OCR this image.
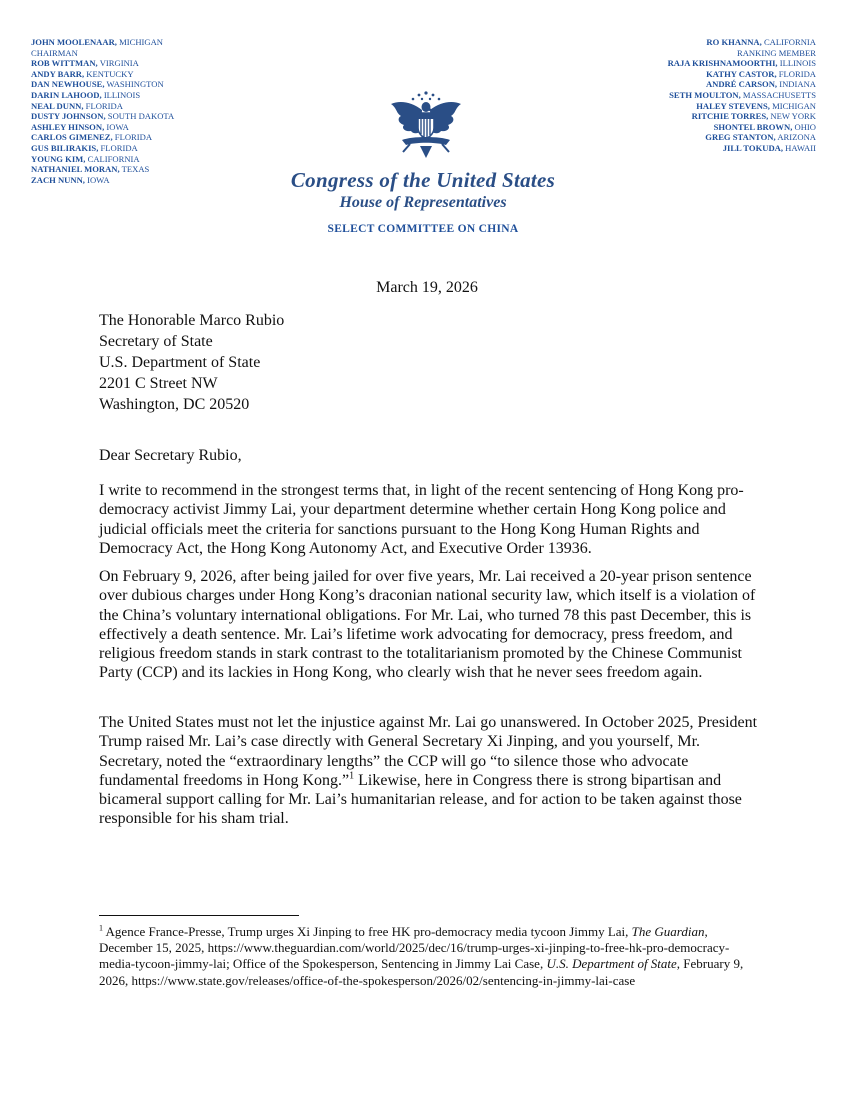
JOHN MOOLENAAR, MICHIGAN
CHAIRMAN
ROB WITTMAN, VIRGINIA
ANDY BARR, KENTUCKY
DAN NEWHOUSE, WASHINGTON
DARIN LAHOOD, ILLINOIS
NEAL DUNN, FLORIDA
DUSTY JOHNSON, SOUTH DAKOTA
ASHLEY HINSON, IOWA
CARLOS GIMENEZ, FLORIDA
GUS BILIRAKIS, FLORIDA
YOUNG KIM, CALIFORNIA
NATHANIEL MORAN, TEXAS
ZACH NUNN, IOWA
RO KHANNA, CALIFORNIA
RANKING MEMBER
RAJA KRISHNAMOORTHI, ILLINOIS
KATHY CASTOR, FLORIDA
ANDRÉ CARSON, INDIANA
SETH MOULTON, MASSACHUSETTS
HALEY STEVENS, MICHIGAN
RITCHIE TORRES, NEW YORK
SHONTEL BROWN, OHIO
GREG STANTON, ARIZONA
JILL TOKUDA, HAWAII
Congress of the United States
House of Representatives
SELECT COMMITTEE ON CHINA
March 19, 2026
The Honorable Marco Rubio
Secretary of State
U.S. Department of State
2201 C Street NW
Washington, DC 20520
Dear Secretary Rubio,

I write to recommend in the strongest terms that, in light of the recent sentencing of Hong Kong pro-democracy activist Jimmy Lai, your department determine whether certain Hong Kong police and judicial officials meet the criteria for sanctions pursuant to the Hong Kong Human Rights and Democracy Act, the Hong Kong Autonomy Act, and Executive Order 13936.

On February 9, 2026, after being jailed for over five years, Mr. Lai received a 20-year prison sentence over dubious charges under Hong Kong’s draconian national security law, which itself is a violation of the China’s voluntary international obligations. For Mr. Lai, who turned 78 this past December, this is effectively a death sentence. Mr. Lai’s lifetime work advocating for democracy, press freedom, and religious freedom stands in stark contrast to the totalitarianism promoted by the Chinese Communist Party (CCP) and its lackies in Hong Kong, who clearly wish that he never sees freedom again.

The United States must not let the injustice against Mr. Lai go unanswered. In October 2025, President Trump raised Mr. Lai’s case directly with General Secretary Xi Jinping, and you yourself, Mr. Secretary, noted the “extraordinary lengths” the CCP will go “to silence those who advocate fundamental freedoms in Hong Kong.”$^1$ Likewise, here in Congress there is strong bipartisan and bicameral support calling for Mr. Lai’s humanitarian release, and for action to be taken against those responsible for his sham trial.

$^1$ Agence France-Presse, Trump urges Xi Jinping to free HK pro-democracy media tycoon Jimmy Lai, The Guardian, December 15, 2025, https://www.theguardian.com/world/2025/dec/16/trump-urges-xi-jinping-to-free-hk-pro-democracy-media-tycoon-jimmy-lai; Office of the Spokesperson, Sentencing in Jimmy Lai Case, U.S. Department of State, February 9, 2026, https://www.state.gov/releases/office-of-the-spokesperson/2026/02/sentencing-in-jimmy-lai-case
